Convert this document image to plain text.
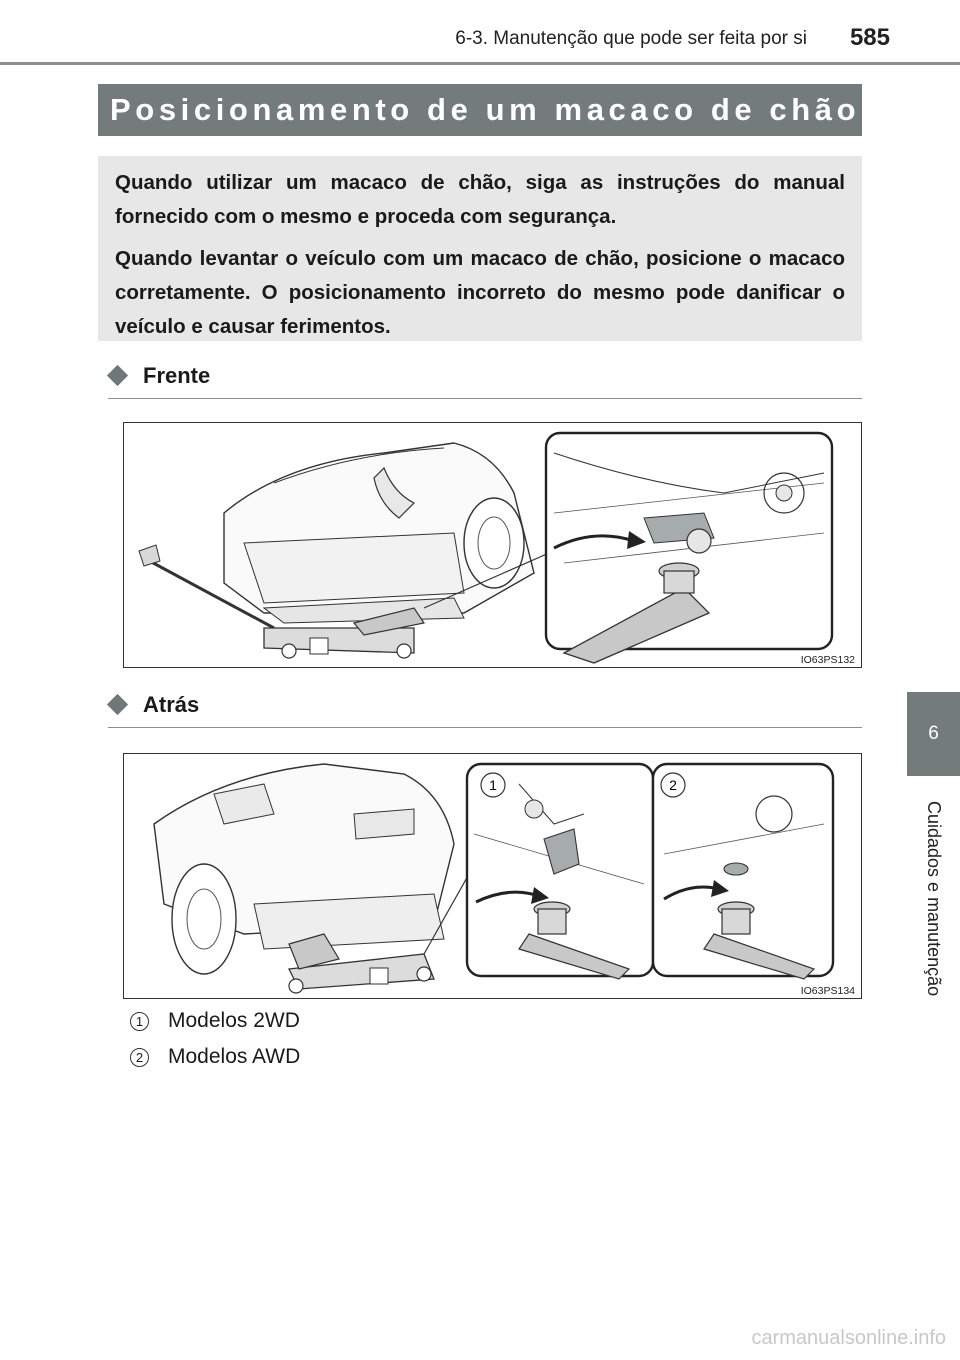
6-3. Manutenção que pode ser feita por si	585
6
Cuidados e manutenção
Posicionamento de um macaco de chão

Quando utilizar um macaco de chão, siga as instruções do manual fornecido com o mesmo e proceda com segurança.

Quando levantar o veículo com um macaco de chão, posicione o macaco corretamente. O posicionamento incorreto do mesmo pode danificar o veículo e causar ferimentos.

Frente
IO63PS132
Atrás
1	2
IO63PS134
1 Modelos 2WD
2 Modelos AWD
carmanualsonline.info
